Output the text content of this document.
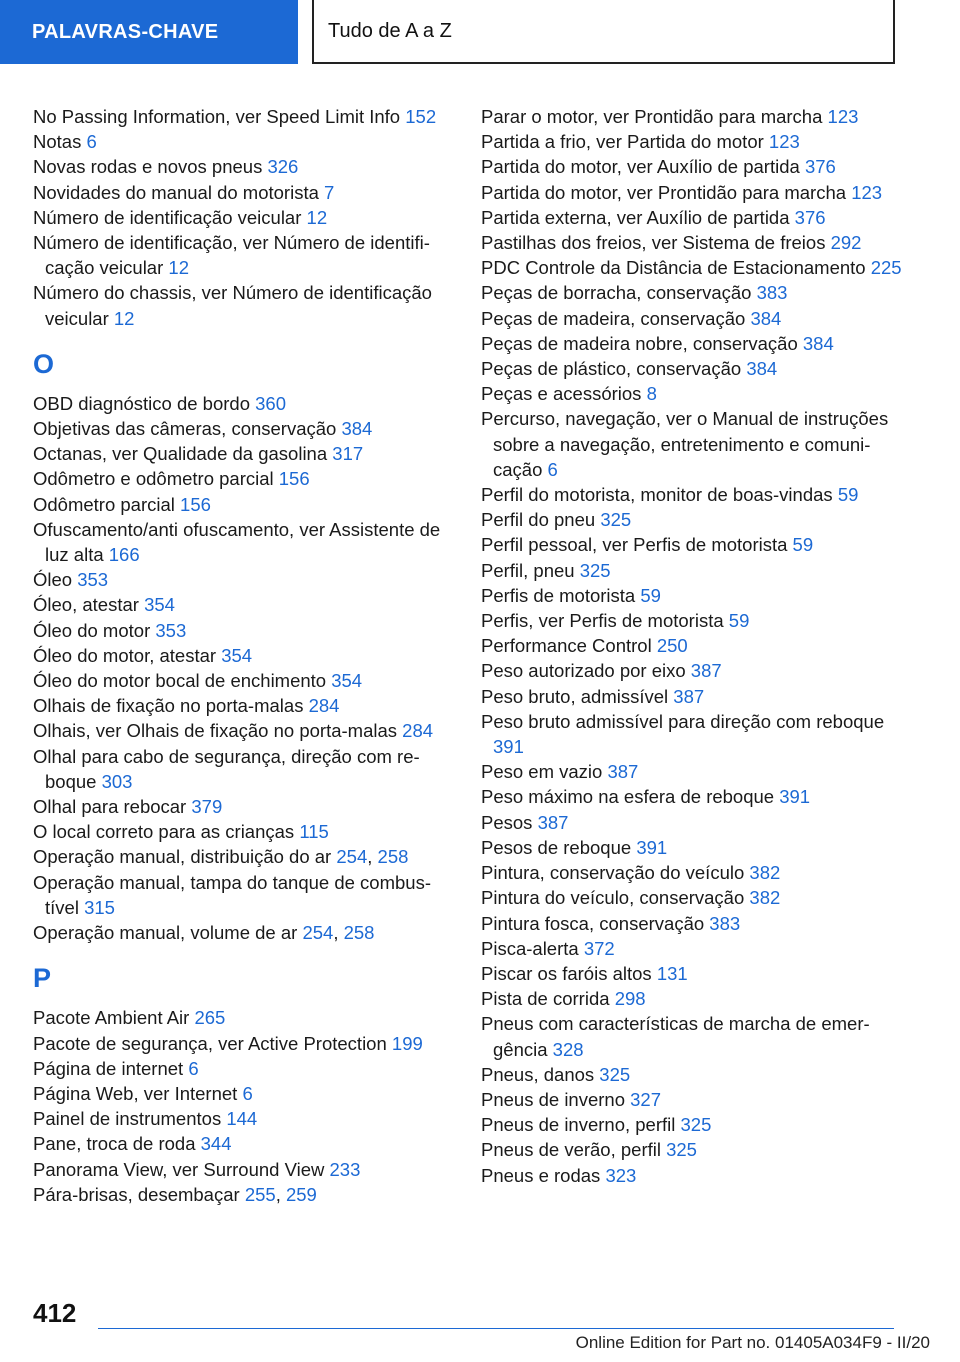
PALAVRAS-CHAVE	Tudo de A a Z
No Passing Information, ver Speed Limit Info 152
Notas 6
Novas rodas e novos pneus 326
Novidades do manual do motorista 7
Número de identificação veicular 12
Número de identificação, ver Número de identificação veicular 12
Número do chassis, ver Número de identificação veicular 12
O
OBD diagnóstico de bordo 360
Objetivas das câmeras, conservação 384
Octanas, ver Qualidade da gasolina 317
Odômetro e odômetro parcial 156
Odômetro parcial 156
Ofuscamento/anti ofuscamento, ver Assistente de luz alta 166
Óleo 353
Óleo, atestar 354
Óleo do motor 353
Óleo do motor, atestar 354
Óleo do motor bocal de enchimento 354
Olhais de fixação no porta-malas 284
Olhais, ver Olhais de fixação no porta-malas 284
Olhal para cabo de segurança, direção com reboque 303
Olhal para rebocar 379
O local correto para as crianças 115
Operação manual, distribuição do ar 254, 258
Operação manual, tampa do tanque de combustível 315
Operação manual, volume de ar 254, 258
P
Pacote Ambient Air 265
Pacote de segurança, ver Active Protection 199
Página de internet 6
Página Web, ver Internet 6
Painel de instrumentos 144
Pane, troca de roda 344
Panorama View, ver Surround View 233
Pára-brisas, desembaçar 255, 259
Parar o motor, ver Prontidão para marcha 123
Partida a frio, ver Partida do motor 123
Partida do motor, ver Auxílio de partida 376
Partida do motor, ver Prontidão para marcha 123
Partida externa, ver Auxílio de partida 376
Pastilhas dos freios, ver Sistema de freios 292
PDC Controle da Distância de Estacionamento 225
Peças de borracha, conservação 383
Peças de madeira, conservação 384
Peças de madeira nobre, conservação 384
Peças de plástico, conservação 384
Peças e acessórios 8
Percurso, navegação, ver o Manual de instruções sobre a navegação, entretenimento e comunicação 6
Perfil do motorista, monitor de boas-vindas 59
Perfil do pneu 325
Perfil pessoal, ver Perfis de motorista 59
Perfil, pneu 325
Perfis de motorista 59
Perfis, ver Perfis de motorista 59
Performance Control 250
Peso autorizado por eixo 387
Peso bruto, admissível 387
Peso bruto admissível para direção com reboque 391
Peso em vazio 387
Peso máximo na esfera de reboque 391
Pesos 387
Pesos de reboque 391
Pintura, conservação do veículo 382
Pintura do veículo, conservação 382
Pintura fosca, conservação 383
Pisca-alerta 372
Piscar os faróis altos 131
Pista de corrida 298
Pneus com características de marcha de emergência 328
Pneus, danos 325
Pneus de inverno 327
Pneus de inverno, perfil 325
Pneus de verão, perfil 325
Pneus e rodas 323
412
Online Edition for Part no. 01405A034F9 - II/20
